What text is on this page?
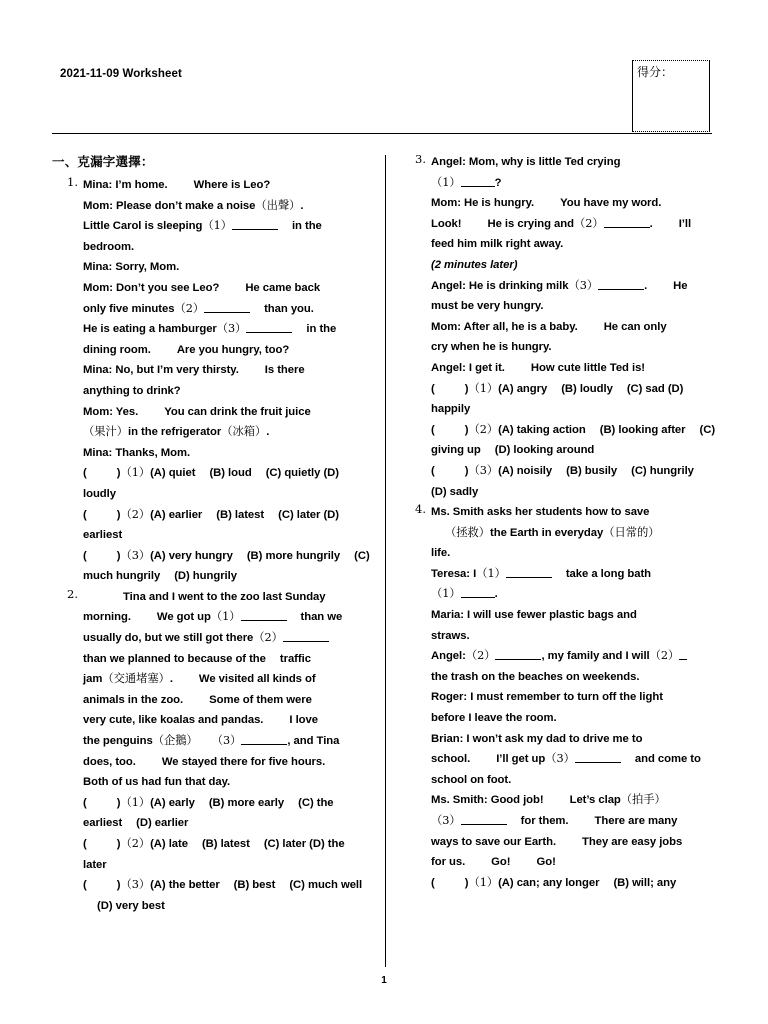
2021-11-09 Worksheet	得分：
一、克漏字選擇：
1. Mina: I’m home. Where is Leo?
Mom: Please don’t make a noise（出聲）.
Little Carol is sleeping（1）	in the
bedroom.
Mina: Sorry, Mom.
Mom: Don’t you see Leo? He came back
only five minutes（2）	than you.
He is eating a hamburger（3）	in the
dining room. Are you hungry, too?
Mina: No, but I’m very thirsty. Is there
anything to drink?
Mom: Yes. You can drink the fruit juice
（果汁）in the refrigerator（冰箱）.
Mina: Thanks, Mom.
(	)（1）(A) quiet (B) loud (C) quietly (D) loudly
(	)（2）(A) earlier (B) latest (C) later (D) earliest
(	)（3）(A) very hungry (B) more hungrily (C) much hungrily (D) hungrily
2.	Tina and I went to the zoo last Sunday
morning. We got up（1）	than we
usually do, but we still got there（2）
than we planned to because of the traffic
jam（交通堵塞）. We visited all kinds of
animals in the zoo. Some of them were
very cute, like koalas and pandas. I love
the penguins（企鵝） （3）	, and Tina
does, too. We stayed there for five hours.
Both of us had fun that day.
(	)（1）(A) early (B) more early (C) the earliest (D) earlier
(	)（2）(A) late (B) latest (C) later (D) the later
(	)（3）(A) the better (B) best (C) much well(D) very best
3. Angel: Mom, why is little Ted crying
（1）	?
Mom: He is hungry. You have my word.
Look! He is crying and（2）	. I’ll
feed him milk right away.
(2 minutes later)
Angel: He is drinking milk（3）	. He
must be very hungry.
Mom: After all, he is a baby. He can only
cry when he is hungry.
Angel: I get it. How cute little Ted is!
(	)（1）(A) angry (B) loudly (C) sad (D) happily
(	)（2）(A) taking action (B) looking after (C) giving up (D) looking around
(	)（3）(A) noisily (B) busily (C) hungrily(D) sadly
4. Ms. Smith asks her students how to save
（拯救）the Earth in everyday（日常的）
life.
Teresa: I（1）	take a long bath
（1）	.
Maria: I will use fewer plastic bags and
straws.
Angel:（2）	, my family and I will（2）
the trash on the beaches on weekends.
Roger: I must remember to turn off the light
before I leave the room.
Brian: I won’t ask my dad to drive me to
school. I’ll get up（3）	and come to
school on foot.
Ms. Smith: Good job! Let’s clap（拍手）
（3）	for them. There are many
ways to save our Earth. They are easy jobs
for us. Go! Go!
(	)（1）(A) can; any longer (B) will; any
1
